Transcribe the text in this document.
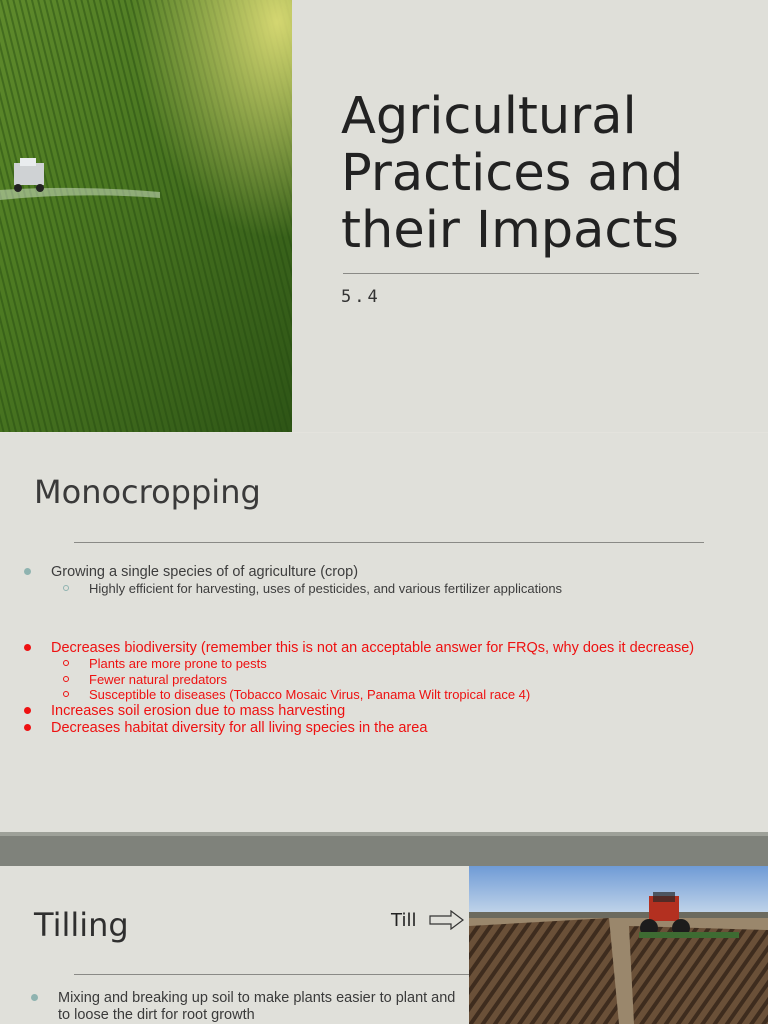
Agricultural Practices and their Impacts
5.4
Monocropping
Growing a single species of of agriculture (crop)
Highly efficient for harvesting, uses of pesticides, and various fertilizer applications
Decreases biodiversity (remember this is not an acceptable answer for FRQs, why does it decrease)
Plants are more prone to pests
Fewer natural predators
Susceptible to diseases (Tobacco Mosaic Virus, Panama Wilt tropical race 4)
Increases soil erosion due to mass harvesting
Decreases habitat diversity for all living species in the area
Tilling	Till
Mixing and breaking up soil to make plants easier to plant and to loose the dirt for root growth
